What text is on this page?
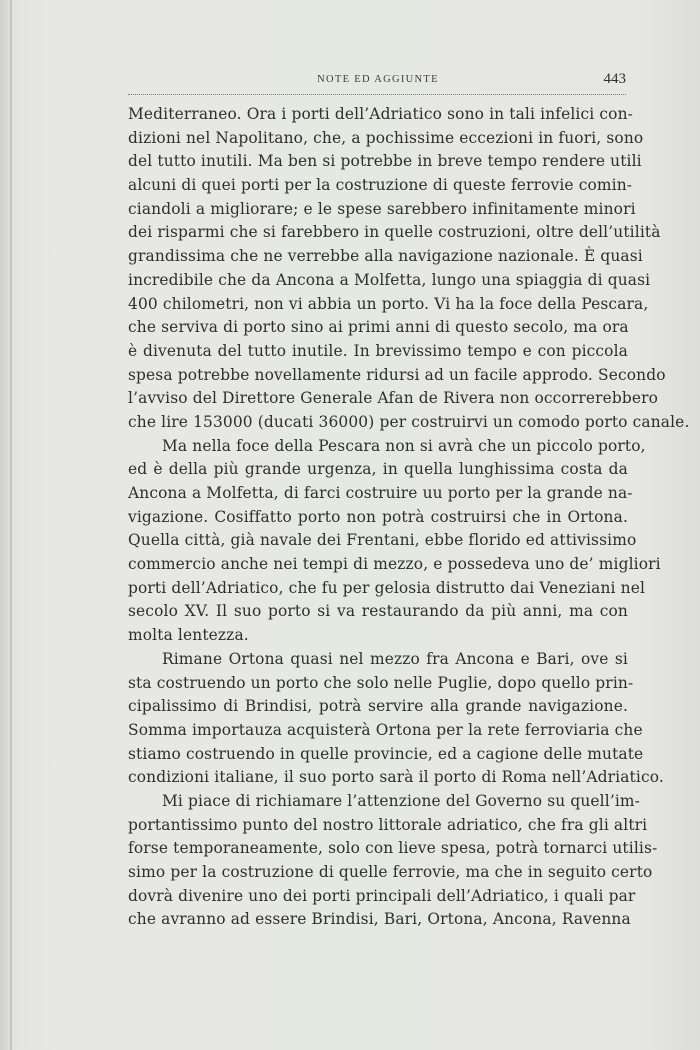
NOTE ED AGGIUNTE	443
Mediterraneo. Ora i porti dell’Adriatico sono in tali infelici con-
dizioni nel Napolitano, che, a pochissime eccezioni in fuori, sono
del tutto inutili. Ma ben si potrebbe in breve tempo rendere utili
alcuni di quei porti per la costruzione di queste ferrovie comin-
ciandoli a migliorare; e le spese sarebbero infinitamente minori
dei risparmi che si farebbero in quelle costruzioni, oltre dell’utilità
grandissima che ne verrebbe alla navigazione nazionale. È quasi
incredibile che da Ancona a Molfetta, lungo una spiaggia di quasi
400 chilometri, non vi abbia un porto. Vi ha la foce della Pescara,
che serviva di porto sino ai primi anni di questo secolo, ma ora
è divenuta del tutto inutile. In brevissimo tempo e con piccola
spesa potrebbe novellamente ridursi ad un facile approdo. Secondo
l’avviso del Direttore Generale Afan de Rivera non occorrerebbero
che lire 153000 (ducati 36000) per costruirvi un comodo porto canale.
Ma nella foce della Pescara non si avrà che un piccolo porto,
ed è della più grande urgenza, in quella lunghissima costa da
Ancona a Molfetta, di farci costruire uu porto per la grande na-
vigazione. Cosiffatto porto non potrà costruirsi che in Ortona.
Quella città, già navale dei Frentani, ebbe florido ed attivissimo
commercio anche nei tempi di mezzo, e possedeva uno de’ migliori
porti dell’Adriatico, che fu per gelosia distrutto dai Veneziani nel
secolo XV. Il suo porto si va restaurando da più anni, ma con
molta lentezza.
Rimane Ortona quasi nel mezzo fra Ancona e Bari, ove si
sta costruendo un porto che solo nelle Puglie, dopo quello prin-
cipalissimo di Brindisi, potrà servire alla grande navigazione.
Somma importauza acquisterà Ortona per la rete ferroviaria che
stiamo costruendo in quelle provincie, ed a cagione delle mutate
condizioni italiane, il suo porto sarà il porto di Roma nell’Adriatico.
Mi piace di richiamare l’attenzione del Governo su quell’im-
portantissimo punto del nostro littorale adriatico, che fra gli altri
forse temporaneamente, solo con lieve spesa, potrà tornarci utilis-
simo per la costruzione di quelle ferrovie, ma che in seguito certo
dovrà divenire uno dei porti principali dell’Adriatico, i quali par
che avranno ad essere Brindisi, Bari, Ortona, Ancona, Ravenna
